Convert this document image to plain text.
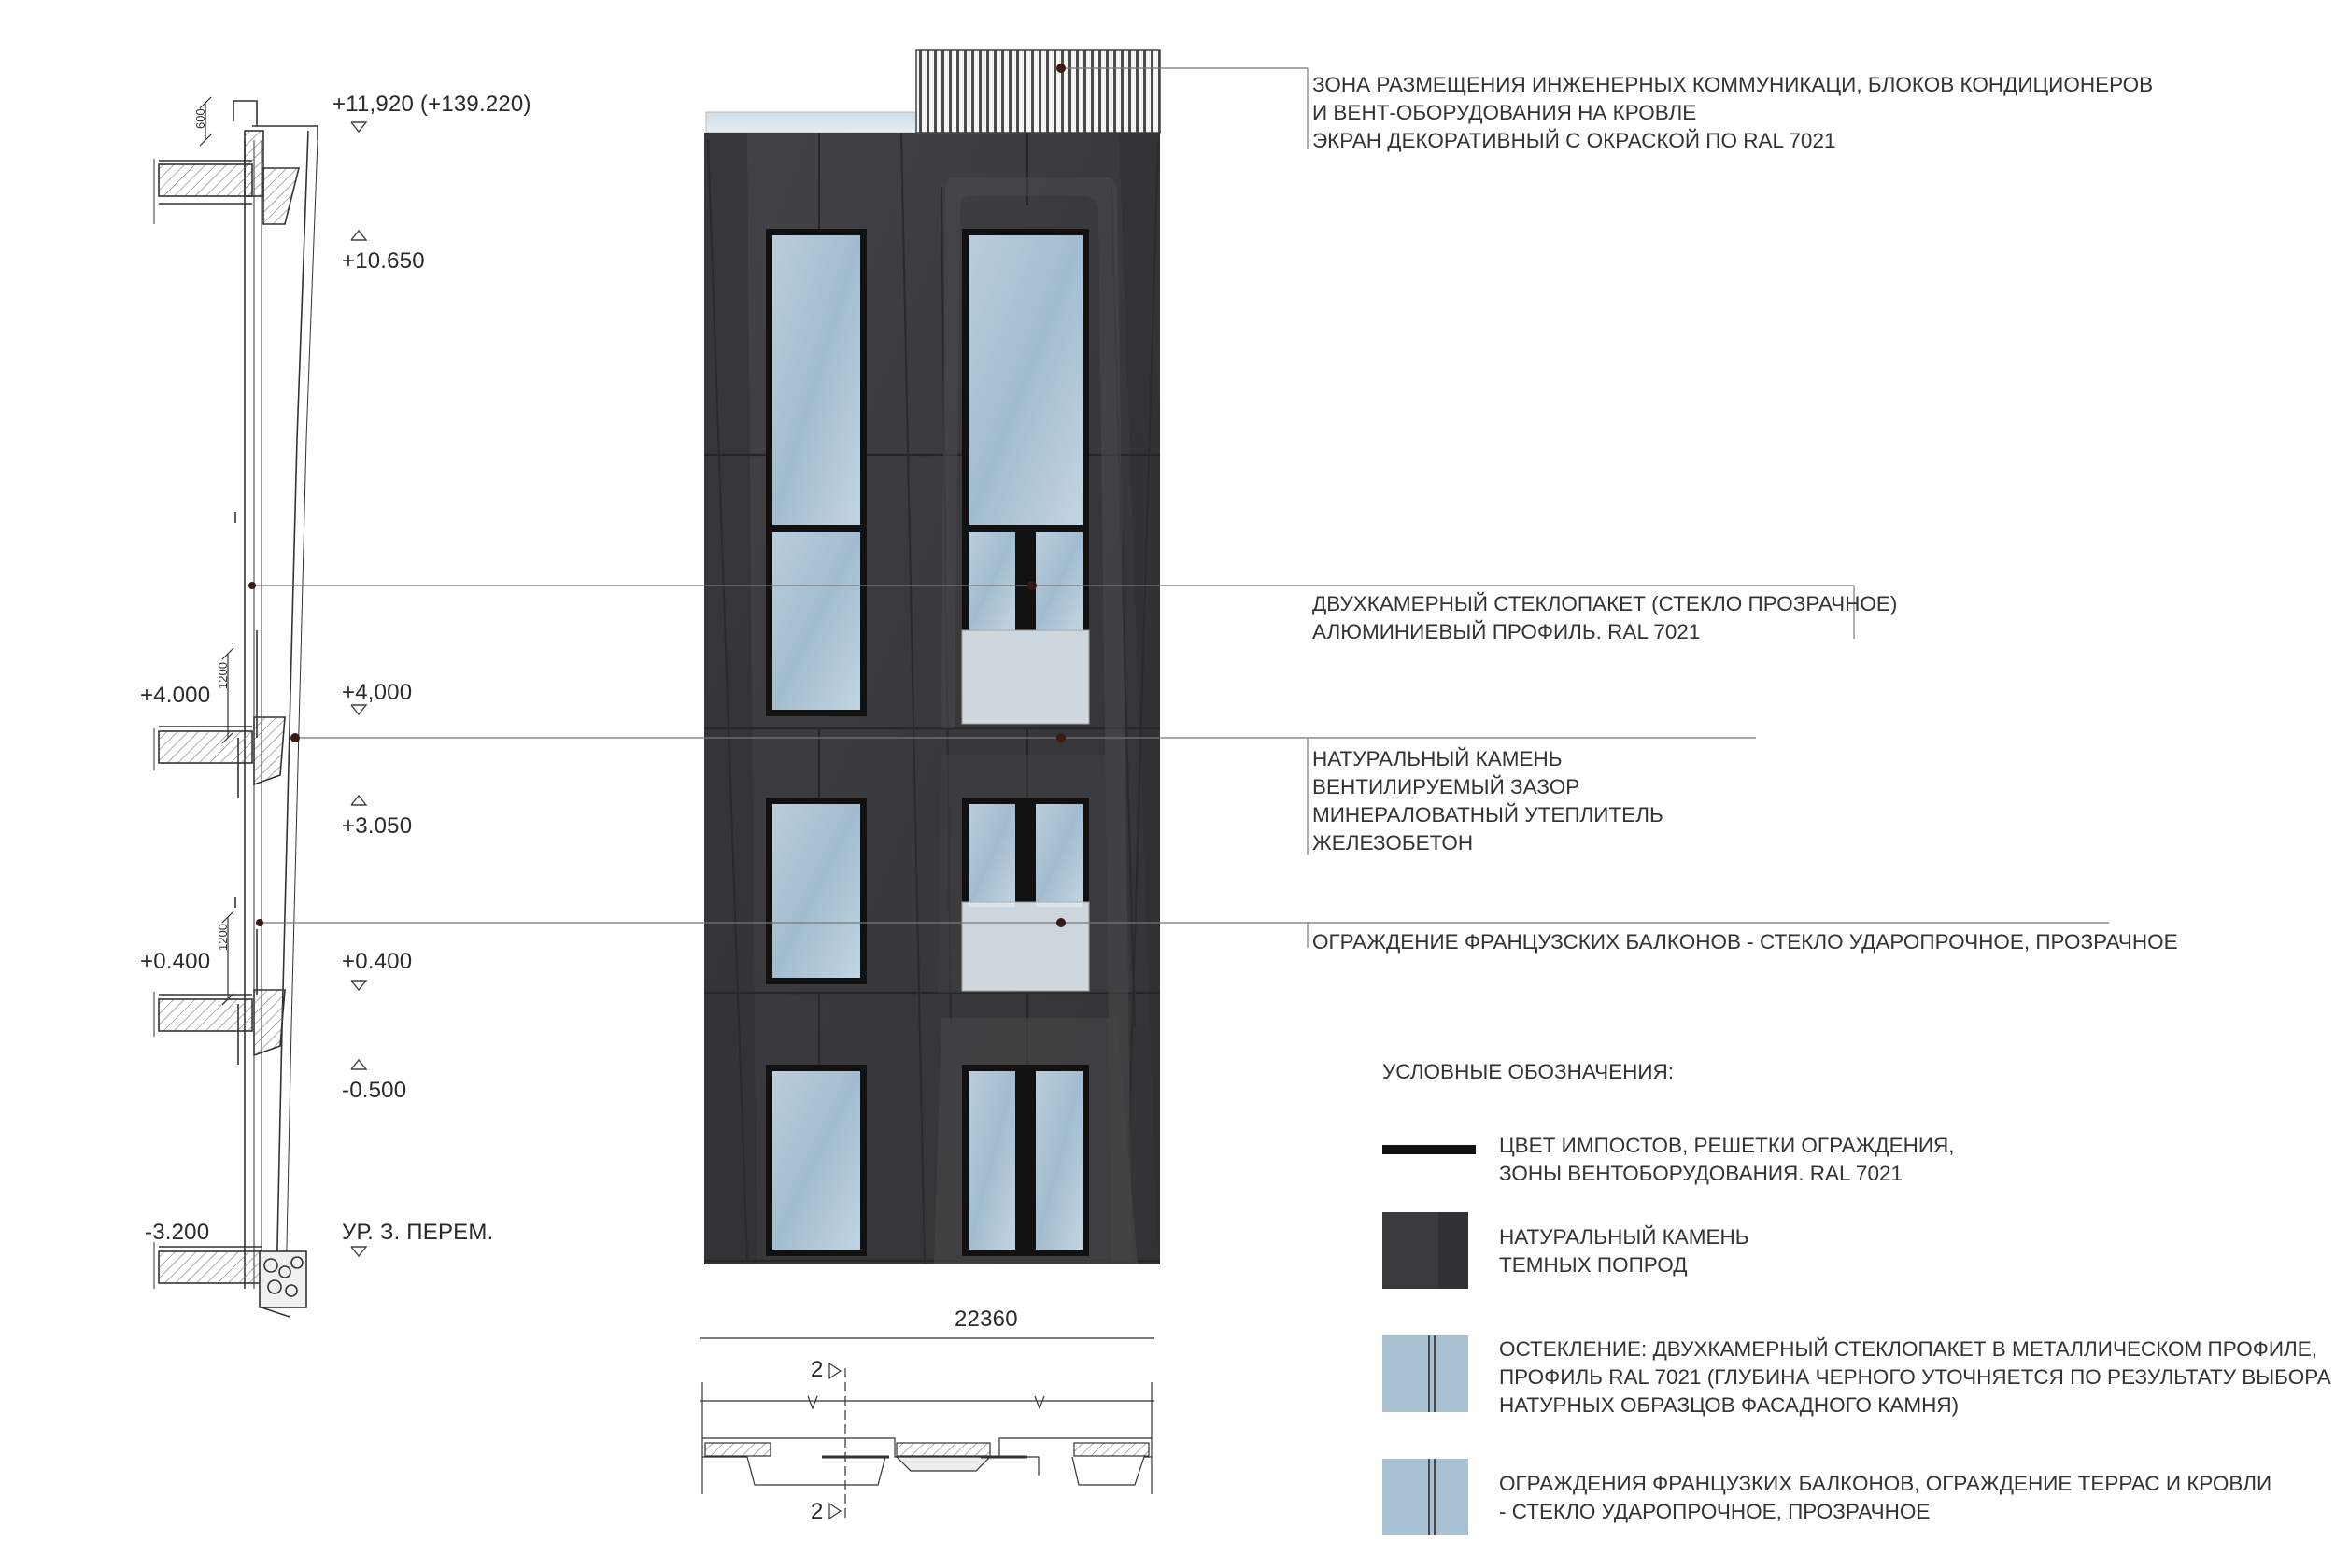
600
1200
1200
+11,920 (+139.220)
+10.650
+4,000
+3.050
+0.400
-0.500
УР. З. ПЕРЕМ.
+4.000
+0.400
-3.200
22360
2
2
ЗОНА РАЗМЕЩЕНИЯ ИНЖЕНЕРНЫХ КОММУНИКАЦИ, БЛОКОВ КОНДИЦИОНЕРОВ
И ВЕНТ-ОБОРУДОВАНИЯ НА КРОВЛЕ
ЭКРАН ДЕКОРАТИВНЫЙ С ОКРАСКОЙ ПО RAL 7021
ДВУХКАМЕРНЫЙ СТЕКЛОПАКЕТ (СТЕКЛО ПРОЗРАЧНОЕ)
АЛЮМИНИЕВЫЙ ПРОФИЛЬ. RAL 7021
НАТУРАЛЬНЫЙ КАМЕНЬ
ВЕНТИЛИРУЕМЫЙ ЗАЗОР
МИНЕРАЛОВАТНЫЙ УТЕПЛИТЕЛЬ
ЖЕЛЕЗОБЕТОН
ОГРАЖДЕНИЕ ФРАНЦУЗСКИХ БАЛКОНОВ - СТЕКЛО УДАРОПРОЧНОЕ, ПРОЗРАЧНОЕ
УСЛОВНЫЕ ОБОЗНАЧЕНИЯ:
ЦВЕТ ИМПОСТОВ, РЕШЕТКИ ОГРАЖДЕНИЯ,
ЗОНЫ ВЕНТОБОРУДОВАНИЯ. RAL 7021
НАТУРАЛЬНЫЙ КАМЕНЬ
ТЕМНЫХ ПОПРОД
ОСТЕКЛЕНИЕ: ДВУХКАМЕРНЫЙ СТЕКЛОПАКЕТ В МЕТАЛЛИЧЕСКОМ ПРОФИЛЕ,
ПРОФИЛЬ RAL 7021 (ГЛУБИНА ЧЕРНОГО УТОЧНЯЕТСЯ ПО РЕЗУЛЬТАТУ ВЫБОРА
НАТУРНЫХ ОБРАЗЦОВ ФАСАДНОГО КАМНЯ)
ОГРАЖДЕНИЯ ФРАНЦУЗКИХ БАЛКОНОВ, ОГРАЖДЕНИЕ ТЕРРАС И КРОВЛИ
- СТЕКЛО УДАРОПРОЧНОЕ, ПРОЗРАЧНОЕ
